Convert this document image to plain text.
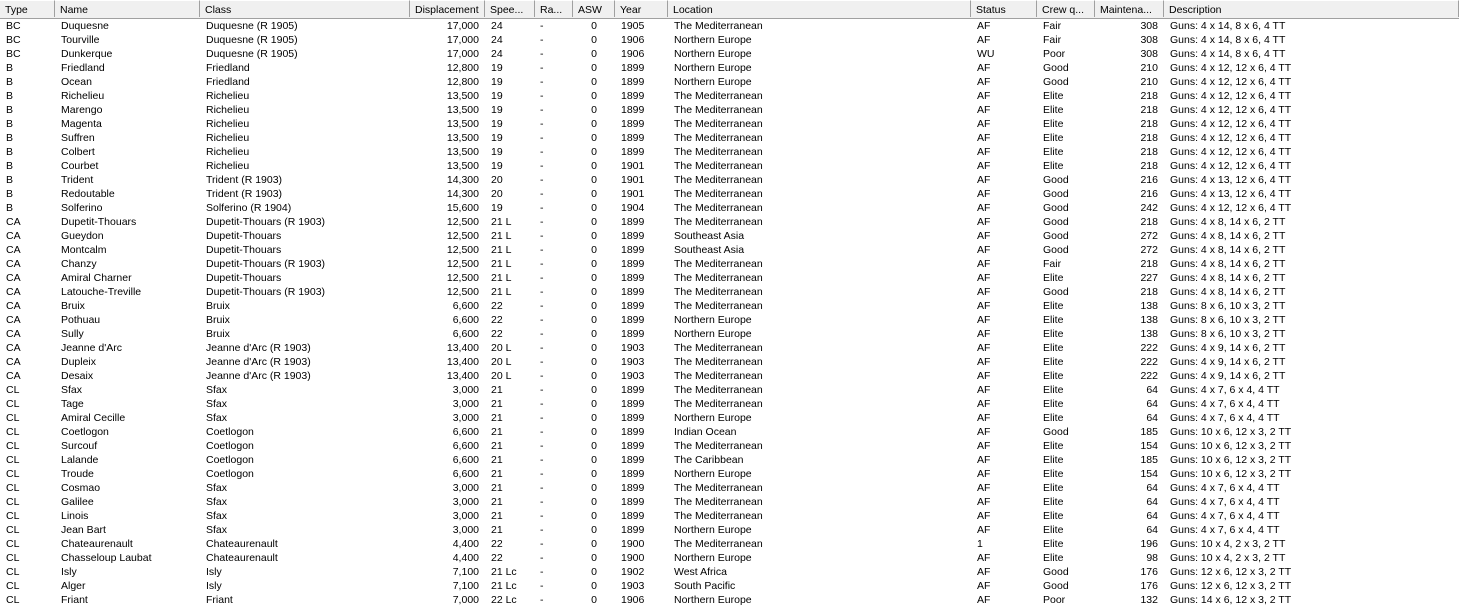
Type	Name	Class	Displacement	Spee...	Ra...	ASW	Year	Location	Status	Crew q...	Maintena...	Description
BC	Duquesne	Duquesne (R 1905)	17,000	24	-	0	1905	The Mediterranean	AF	Fair	308	Guns: 4 x 14, 8 x 6, 4 TT
BC	Tourville	Duquesne (R 1905)	17,000	24	-	0	1906	Northern Europe	AF	Fair	308	Guns: 4 x 14, 8 x 6, 4 TT
BC	Dunkerque	Duquesne (R 1905)	17,000	24	-	0	1906	Northern Europe	WU	Poor	308	Guns: 4 x 14, 8 x 6, 4 TT
B	Friedland	Friedland	12,800	19	-	0	1899	Northern Europe	AF	Good	210	Guns: 4 x 12, 12 x 6, 4 TT
B	Ocean	Friedland	12,800	19	-	0	1899	Northern Europe	AF	Good	210	Guns: 4 x 12, 12 x 6, 4 TT
B	Richelieu	Richelieu	13,500	19	-	0	1899	The Mediterranean	AF	Elite	218	Guns: 4 x 12, 12 x 6, 4 TT
B	Marengo	Richelieu	13,500	19	-	0	1899	The Mediterranean	AF	Elite	218	Guns: 4 x 12, 12 x 6, 4 TT
B	Magenta	Richelieu	13,500	19	-	0	1899	The Mediterranean	AF	Elite	218	Guns: 4 x 12, 12 x 6, 4 TT
B	Suffren	Richelieu	13,500	19	-	0	1899	The Mediterranean	AF	Elite	218	Guns: 4 x 12, 12 x 6, 4 TT
B	Colbert	Richelieu	13,500	19	-	0	1899	The Mediterranean	AF	Elite	218	Guns: 4 x 12, 12 x 6, 4 TT
B	Courbet	Richelieu	13,500	19	-	0	1901	The Mediterranean	AF	Elite	218	Guns: 4 x 12, 12 x 6, 4 TT
B	Trident	Trident (R 1903)	14,300	20	-	0	1901	The Mediterranean	AF	Good	216	Guns: 4 x 13, 12 x 6, 4 TT
B	Redoutable	Trident (R 1903)	14,300	20	-	0	1901	The Mediterranean	AF	Good	216	Guns: 4 x 13, 12 x 6, 4 TT
B	Solferino	Solferino (R 1904)	15,600	19	-	0	1904	The Mediterranean	AF	Good	242	Guns: 4 x 12, 12 x 6, 4 TT
CA	Dupetit-Thouars	Dupetit-Thouars (R 1903)	12,500	21 L	-	0	1899	The Mediterranean	AF	Good	218	Guns: 4 x 8, 14 x 6, 2 TT
CA	Gueydon	Dupetit-Thouars	12,500	21 L	-	0	1899	Southeast Asia	AF	Good	272	Guns: 4 x 8, 14 x 6, 2 TT
CA	Montcalm	Dupetit-Thouars	12,500	21 L	-	0	1899	Southeast Asia	AF	Good	272	Guns: 4 x 8, 14 x 6, 2 TT
CA	Chanzy	Dupetit-Thouars (R 1903)	12,500	21 L	-	0	1899	The Mediterranean	AF	Fair	218	Guns: 4 x 8, 14 x 6, 2 TT
CA	Amiral Charner	Dupetit-Thouars	12,500	21 L	-	0	1899	The Mediterranean	AF	Elite	227	Guns: 4 x 8, 14 x 6, 2 TT
CA	Latouche-Treville	Dupetit-Thouars (R 1903)	12,500	21 L	-	0	1899	The Mediterranean	AF	Good	218	Guns: 4 x 8, 14 x 6, 2 TT
CA	Bruix	Bruix	6,600	22	-	0	1899	The Mediterranean	AF	Elite	138	Guns: 8 x 6, 10 x 3, 2 TT
CA	Pothuau	Bruix	6,600	22	-	0	1899	Northern Europe	AF	Elite	138	Guns: 8 x 6, 10 x 3, 2 TT
CA	Sully	Bruix	6,600	22	-	0	1899	Northern Europe	AF	Elite	138	Guns: 8 x 6, 10 x 3, 2 TT
CA	Jeanne d'Arc	Jeanne d'Arc (R 1903)	13,400	20 L	-	0	1903	The Mediterranean	AF	Elite	222	Guns: 4 x 9, 14 x 6, 2 TT
CA	Dupleix	Jeanne d'Arc (R 1903)	13,400	20 L	-	0	1903	The Mediterranean	AF	Elite	222	Guns: 4 x 9, 14 x 6, 2 TT
CA	Desaix	Jeanne d'Arc (R 1903)	13,400	20 L	-	0	1903	The Mediterranean	AF	Elite	222	Guns: 4 x 9, 14 x 6, 2 TT
CL	Sfax	Sfax	3,000	21	-	0	1899	The Mediterranean	AF	Elite	64	Guns: 4 x 7, 6 x 4, 4 TT
CL	Tage	Sfax	3,000	21	-	0	1899	The Mediterranean	AF	Elite	64	Guns: 4 x 7, 6 x 4, 4 TT
CL	Amiral Cecille	Sfax	3,000	21	-	0	1899	Northern Europe	AF	Elite	64	Guns: 4 x 7, 6 x 4, 4 TT
CL	Coetlogon	Coetlogon	6,600	21	-	0	1899	Indian Ocean	AF	Good	185	Guns: 10 x 6, 12 x 3, 2 TT
CL	Surcouf	Coetlogon	6,600	21	-	0	1899	The Mediterranean	AF	Elite	154	Guns: 10 x 6, 12 x 3, 2 TT
CL	Lalande	Coetlogon	6,600	21	-	0	1899	The Caribbean	AF	Elite	185	Guns: 10 x 6, 12 x 3, 2 TT
CL	Troude	Coetlogon	6,600	21	-	0	1899	Northern Europe	AF	Elite	154	Guns: 10 x 6, 12 x 3, 2 TT
CL	Cosmao	Sfax	3,000	21	-	0	1899	The Mediterranean	AF	Elite	64	Guns: 4 x 7, 6 x 4, 4 TT
CL	Galilee	Sfax	3,000	21	-	0	1899	The Mediterranean	AF	Elite	64	Guns: 4 x 7, 6 x 4, 4 TT
CL	Linois	Sfax	3,000	21	-	0	1899	The Mediterranean	AF	Elite	64	Guns: 4 x 7, 6 x 4, 4 TT
CL	Jean Bart	Sfax	3,000	21	-	0	1899	Northern Europe	AF	Elite	64	Guns: 4 x 7, 6 x 4, 4 TT
CL	Chateaurenault	Chateaurenault	4,400	22	-	0	1900	The Mediterranean	1	Elite	196	Guns: 10 x 4, 2 x 3, 2 TT
CL	Chasseloup Laubat	Chateaurenault	4,400	22	-	0	1900	Northern Europe	AF	Elite	98	Guns: 10 x 4, 2 x 3, 2 TT
CL	Isly	Isly	7,100	21 Lc	-	0	1902	West Africa	AF	Good	176	Guns: 12 x 6, 12 x 3, 2 TT
CL	Alger	Isly	7,100	21 Lc	-	0	1903	South Pacific	AF	Good	176	Guns: 12 x 6, 12 x 3, 2 TT
CL	Friant	Friant	7,000	22 Lc	-	0	1906	Northern Europe	AF	Poor	132	Guns: 14 x 6, 12 x 3, 2 TT
